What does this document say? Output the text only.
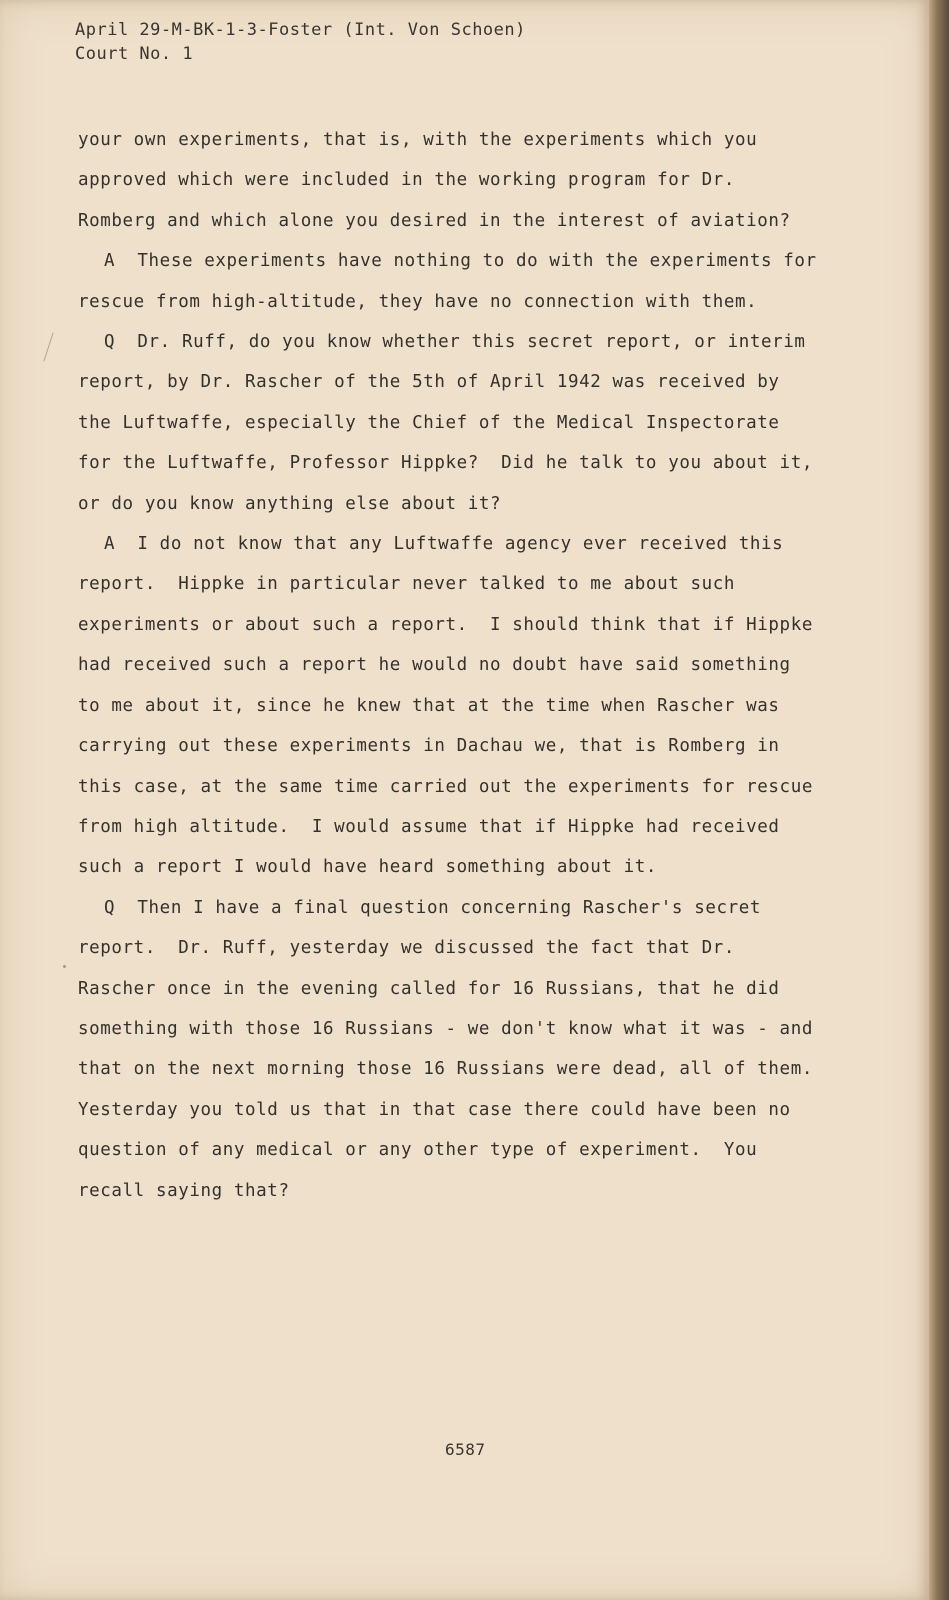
April 29-M-BK-1-3-Foster (Int. Von Schoen)
Court No. 1

your own experiments, that is, with the experiments which you approved which were included in the working program for Dr. Romberg and which alone you desired in the interest of aviation?

A  These experiments have nothing to do with the experiments for rescue from high-altitude, they have no connection with them.

Q  Dr. Ruff, do you know whether this secret report, or interim report, by Dr. Rascher of the 5th of April 1942 was received by the Luftwaffe, especially the Chief of the Medical Inspectorate for the Luftwaffe, Professor Hippke?  Did he talk to you about it, or do you know anything else about it?

A  I do not know that any Luftwaffe agency ever received this report.  Hippke in particular never talked to me about such experiments or about such a report.  I should think that if Hippke had received such a report he would no doubt have said something to me about it, since he knew that at the time when Rascher was carrying out these experiments in Dachau we, that is Romberg in this case, at the same time carried out the experiments for rescue from high altitude.  I would assume that if Hippke had received such a report I would have heard something about it.

Q  Then I have a final question concerning Rascher's secret report.  Dr. Ruff, yesterday we discussed the fact that Dr. Rascher once in the evening called for 16 Russians, that he did something with those 16 Russians - we don't know what it was - and that on the next morning those 16 Russians were dead, all of them.  Yesterday you told us that in that case there could have been no question of any medical or any other type of experiment.  You recall saying that?

6587
